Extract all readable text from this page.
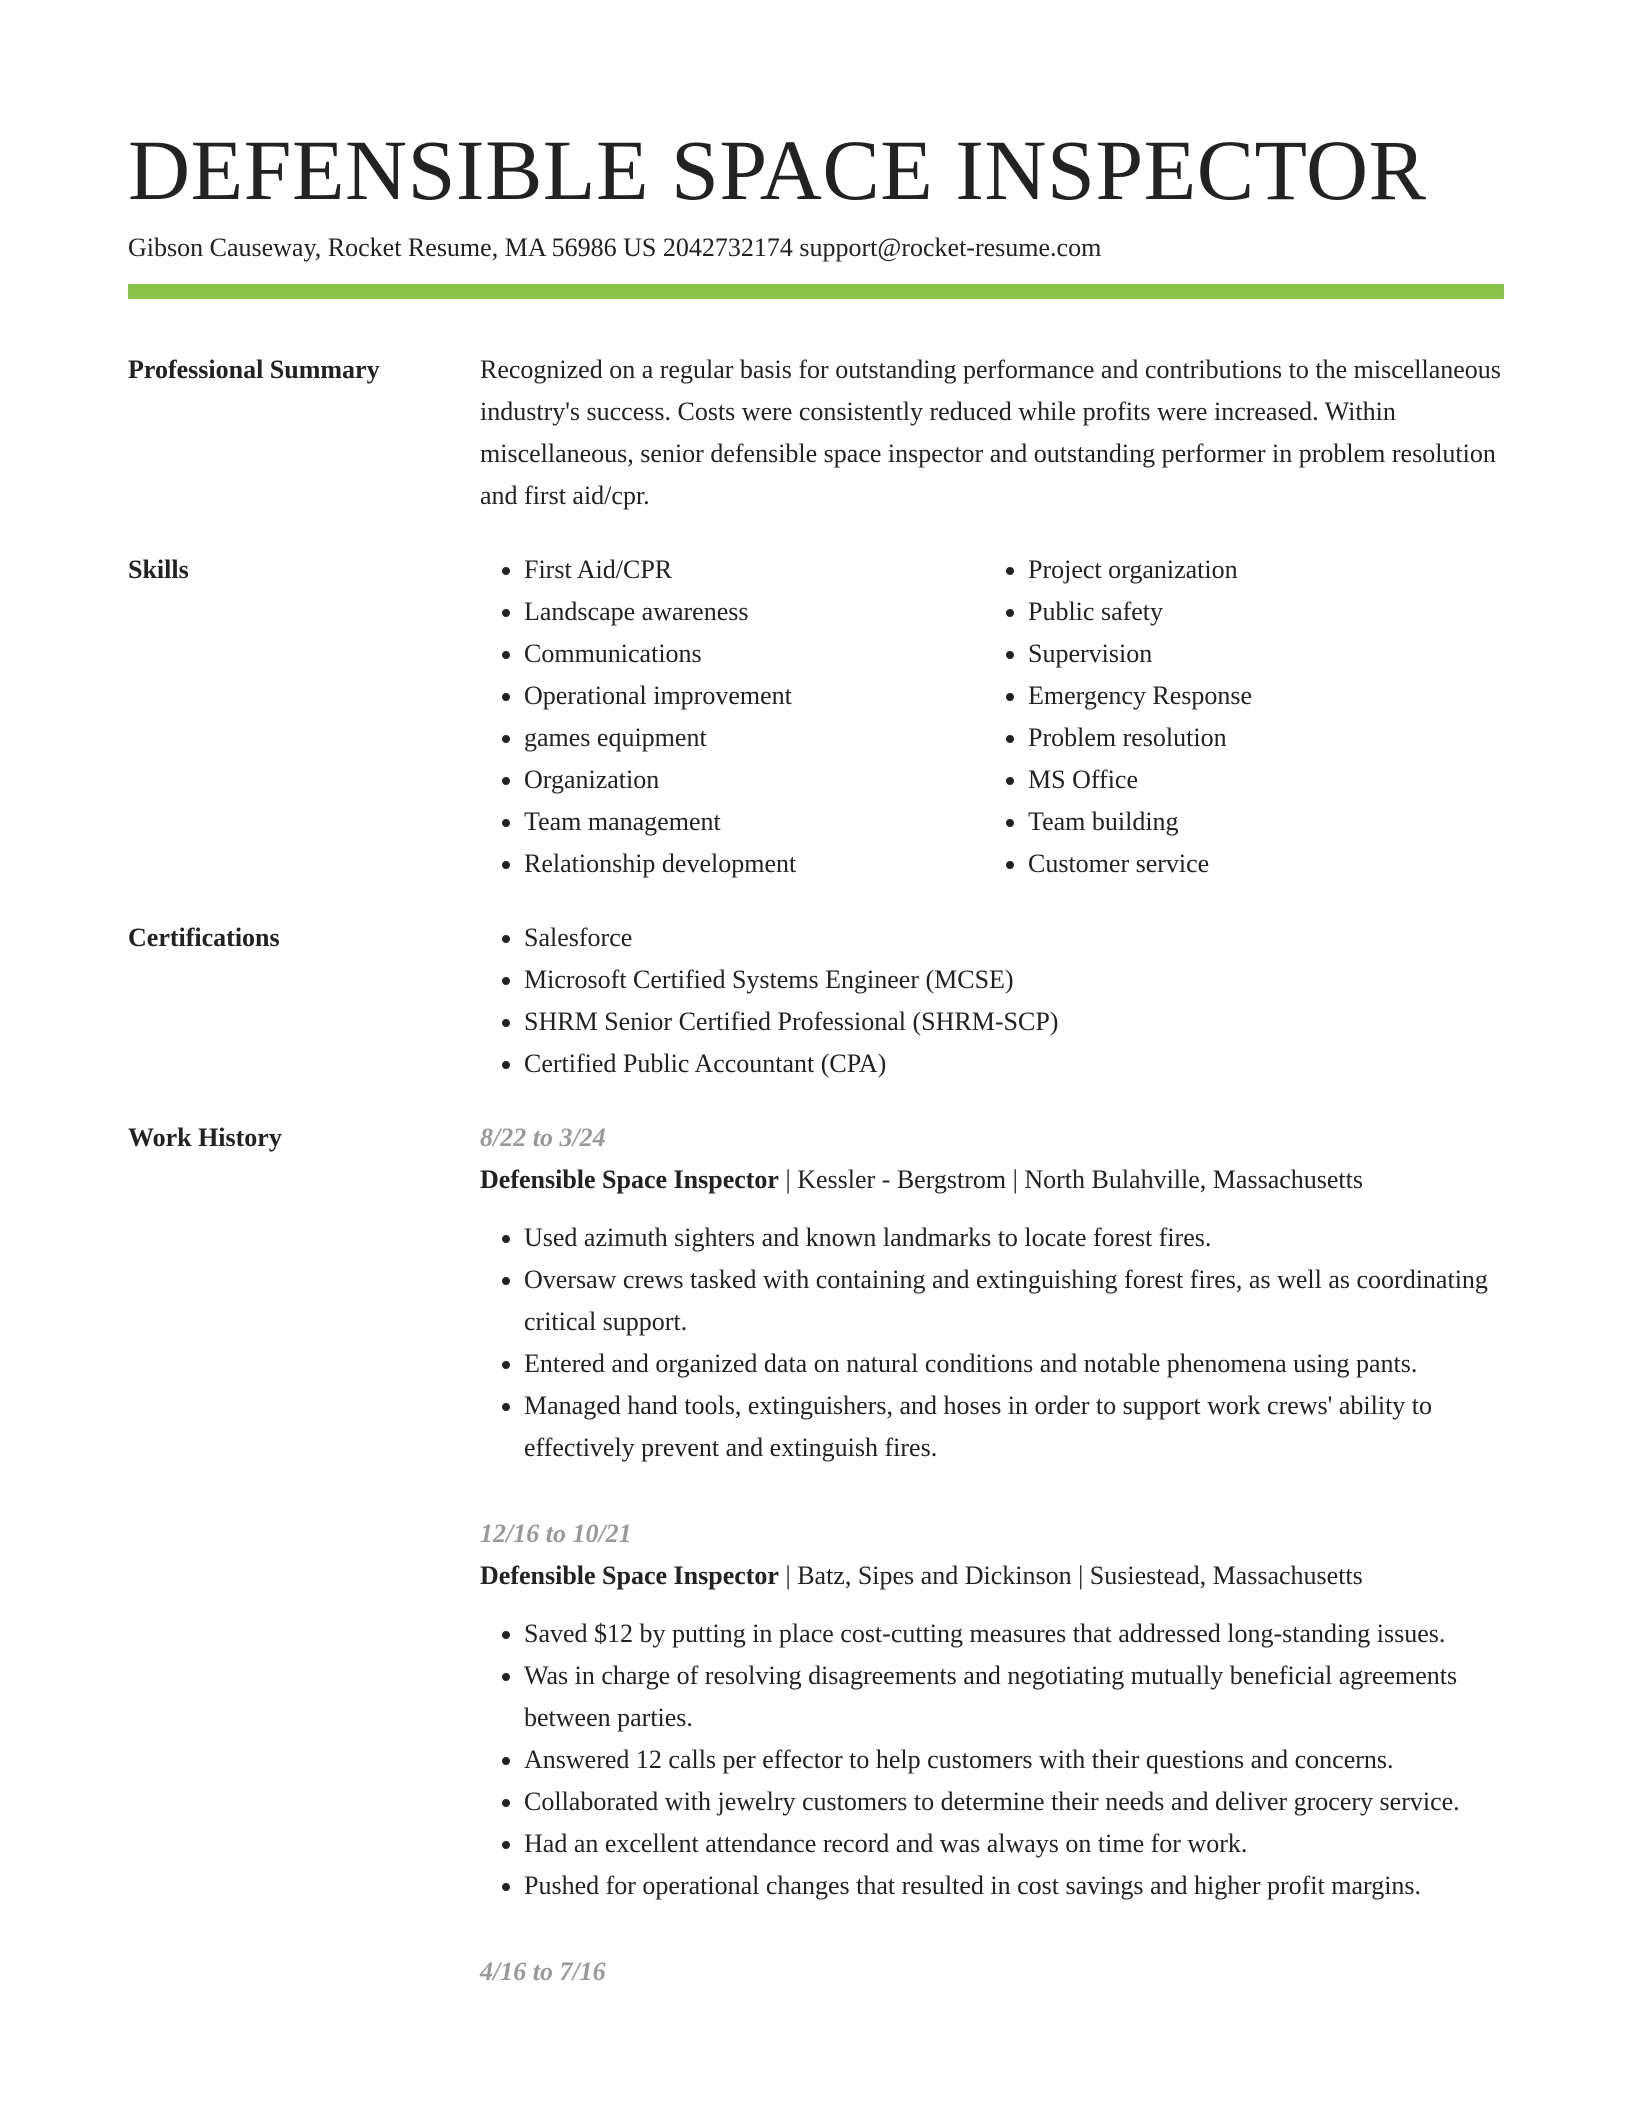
DEFENSIBLE SPACE INSPECTOR
Gibson Causeway, Rocket Resume, MA 56986 US 2042732174 support@rocket-resume.com
Professional Summary	Recognized on a regular basis for outstanding performance and contributions to the miscellaneous industry's success. Costs were consistently reduced while profits were increased. Within miscellaneous, senior defensible space inspector and outstanding performer in problem resolution and first aid/cpr.
Skills	• First Aid/CPR
• Landscape awareness
• Communications
• Operational improvement
• games equipment
• Organization
• Team management
• Relationship development
• Project organization
• Public safety
• Supervision
• Emergency Response
• Problem resolution
• MS Office
• Team building
• Customer service
Certifications	• Salesforce
• Microsoft Certified Systems Engineer (MCSE)
• SHRM Senior Certified Professional (SHRM-SCP)
• Certified Public Accountant (CPA)
Work History	8/22 to 3/24
Defensible Space Inspector | Kessler - Bergstrom | North Bulahville, Massachusetts
• Used azimuth sighters and known landmarks to locate forest fires.
• Oversaw crews tasked with containing and extinguishing forest fires, as well as coordinating critical support.
• Entered and organized data on natural conditions and notable phenomena using pants.
• Managed hand tools, extinguishers, and hoses in order to support work crews' ability to effectively prevent and extinguish fires.
12/16 to 10/21
Defensible Space Inspector | Batz, Sipes and Dickinson | Susiestead, Massachusetts
• Saved $12 by putting in place cost-cutting measures that addressed long-standing issues.
• Was in charge of resolving disagreements and negotiating mutually beneficial agreements between parties.
• Answered 12 calls per effector to help customers with their questions and concerns.
• Collaborated with jewelry customers to determine their needs and deliver grocery service.
• Had an excellent attendance record and was always on time for work.
• Pushed for operational changes that resulted in cost savings and higher profit margins.
4/16 to 7/16
